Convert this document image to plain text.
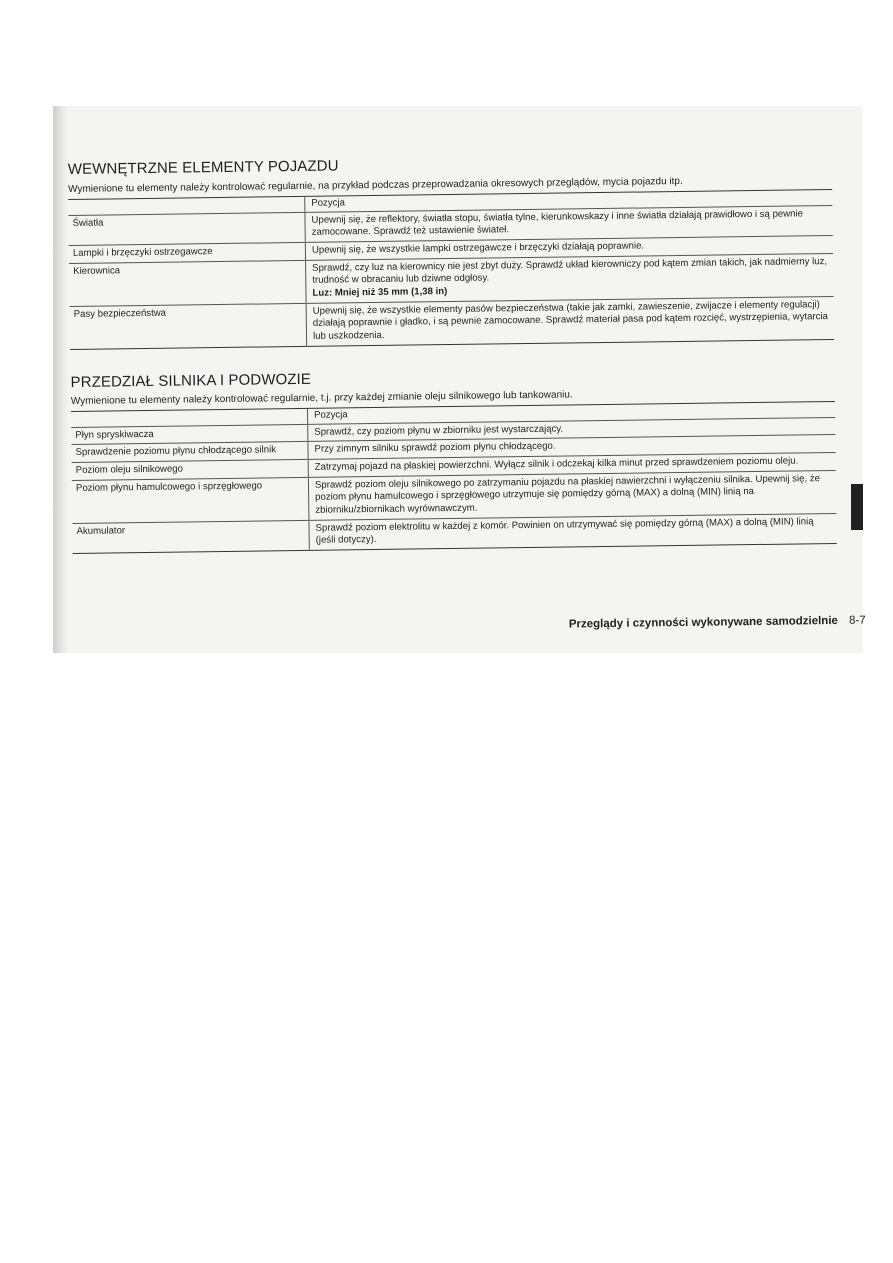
WEWNĘTRZNE ELEMENTY POJAZDU
Wymienione tu elementy należy kontrolować regularnie, na przykład podczas przeprowadzania okresowych przeglądów, mycia pojazdu itp.
	Pozycja
Światła	Upewnij się, że reflektory, światła stopu, światła tylne, kierunkowskazy i inne światła działają prawidłowo i są pewnie zamocowane. Sprawdź też ustawienie świateł.
Lampki i brzęczyki ostrzegawcze	Upewnij się, że wszystkie lampki ostrzegawcze i brzęczyki działają poprawnie.
Kierownica	Sprawdź, czy luz na kierownicy nie jest zbyt duży. Sprawdź układ kierowniczy pod kątem zmian takich, jak nadmierny luz, trudność w obracaniu lub dziwne odgłosy.
Luz: Mniej niż 35 mm (1,38 in)

Pasy bezpieczeństwa	Upewnij się, że wszystkie elementy pasów bezpieczeństwa (takie jak zamki, zawieszenie, zwijacze i elementy regulacji) działają poprawnie i gładko, i są pewnie zamocowane. Sprawdź materiał pasa pod kątem rozcięć, wystrzępienia, wytarcia lub uszkodzenia.
PRZEDZIAŁ SILNIKA I PODWOZIE
Wymienione tu elementy należy kontrolować regularnie, t.j. przy każdej zmianie oleju silnikowego lub tankowaniu.
	Pozycja
Płyn spryskiwacza	Sprawdź, czy poziom płynu w zbiorniku jest wystarczający.
Sprawdzenie poziomu płynu chłodzącego silnik	Przy zimnym silniku sprawdź poziom płynu chłodzącego.
Poziom oleju silnikowego	Zatrzymaj pojazd na płaskiej powierzchni. Wyłącz silnik i odczekaj kilka minut przed sprawdzeniem poziomu oleju.
Poziom płynu hamulcowego i sprzęgłowego	Sprawdź poziom oleju silnikowego po zatrzymaniu pojazdu na płaskiej nawierzchni i wyłączeniu silnika. Upewnij się, że poziom płynu hamulcowego i sprzęgłowego utrzymuje się pomiędzy górną (MAX) a dolną (MIN) linią na zbiorniku/zbiornikach wyrównawczym.
Akumulator	Sprawdź poziom elektrolitu w każdej z komór. Powinien on utrzymywać się pomiędzy górną (MAX) a dolną (MIN) linią (jeśli dotyczy).
Przeglądy i czynności wykonywane samodzielnie 8-7
